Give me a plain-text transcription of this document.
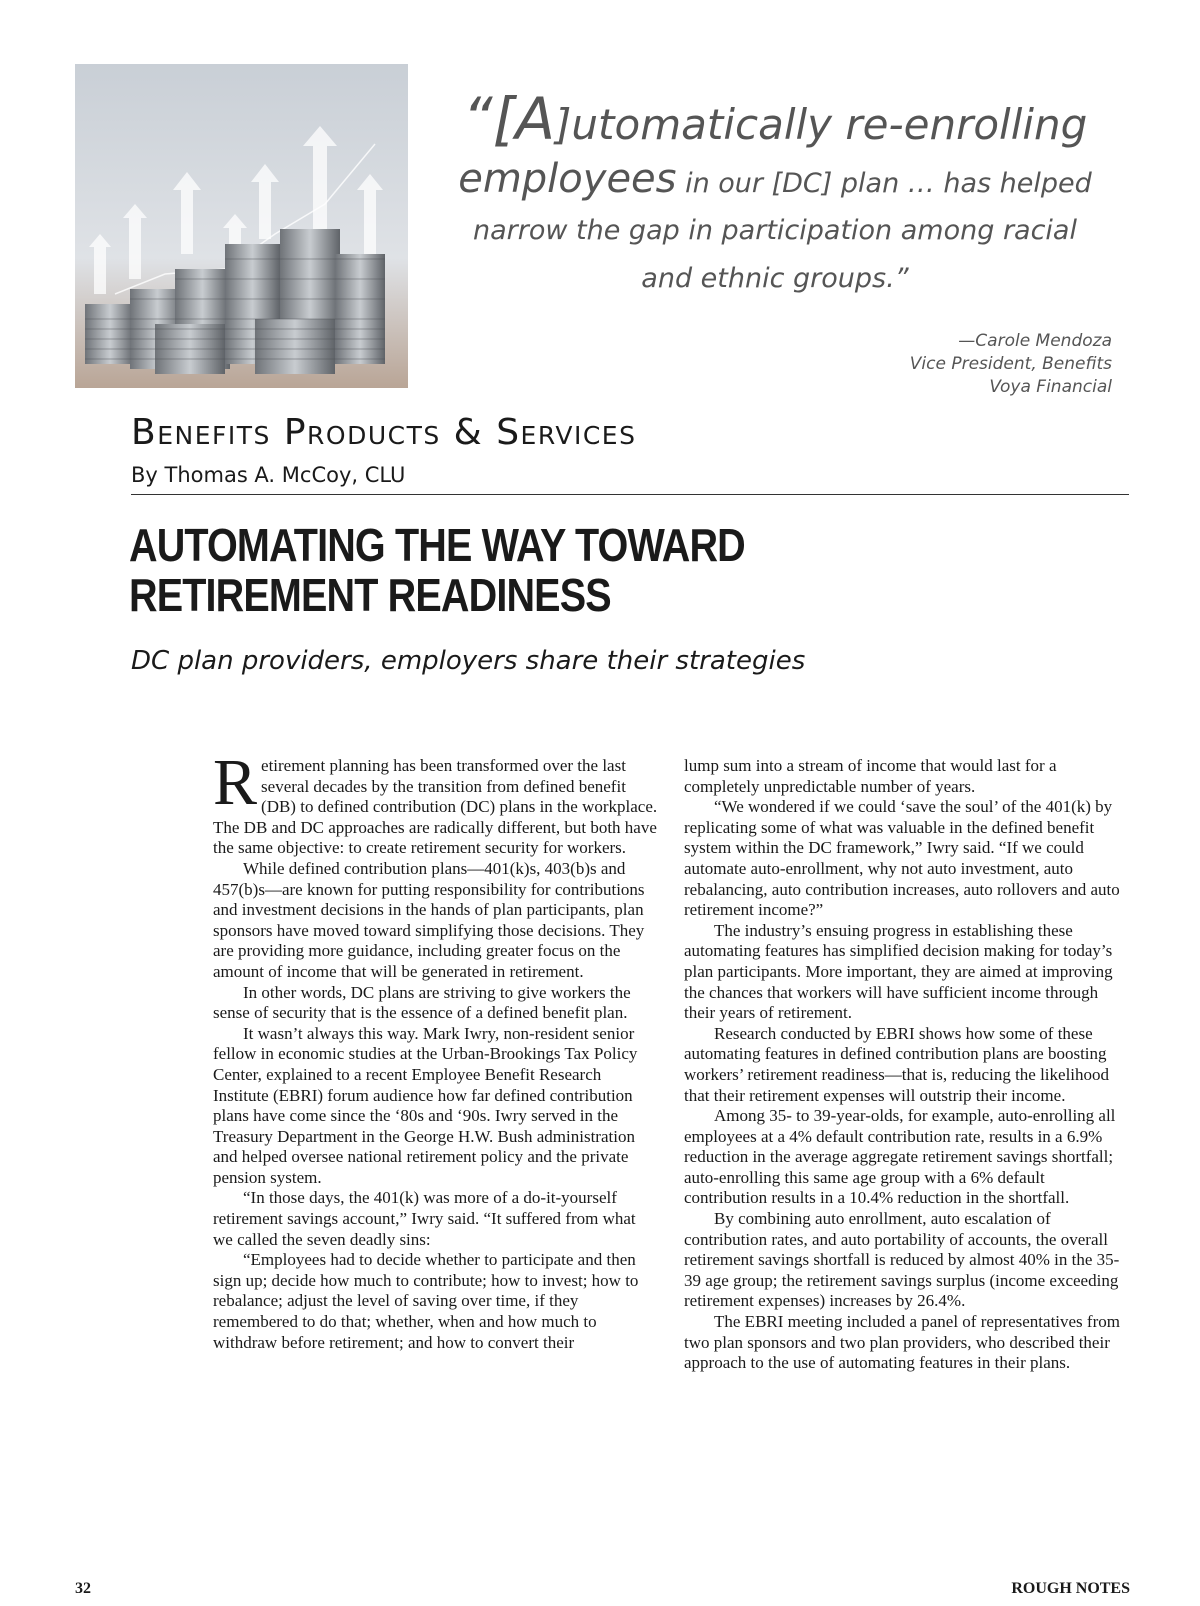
“[A]utomatically re-enrolling
employees in our [DC] plan … has helped
narrow the gap in participation among racial
and ethnic groups.”
—Carole Mendoza
Vice President, Benefits
Voya Financial
Benefits Products & Services
By Thomas A. McCoy, CLU
AUTOMATING THE WAY TOWARD
RETIREMENT READINESS
DC plan providers, employers share their strategies

Retirement planning has been transformed over the last several decades by the transition from defined benefit (DB) to defined contribution (DC) plans in the workplace. The DB and DC approaches are radically different, but both have the same objective: to create retirement security for workers.

While defined contribution plans—401(k)s, 403(b)s and 457(b)s—are known for putting responsibility for contributions and investment decisions in the hands of plan participants, plan sponsors have moved toward simplifying those decisions. They are providing more guidance, including greater focus on the amount of income that will be generated in retirement.

In other words, DC plans are striving to give workers the sense of security that is the essence of a defined benefit plan.

It wasn’t always this way. Mark Iwry, non-resident senior fellow in economic studies at the Urban-Brookings Tax Policy Center, explained to a recent Employee Benefit Research Institute (EBRI) forum audience how far defined contribution plans have come since the ‘80s and ‘90s. Iwry served in the Treasury Department in the George H.W. Bush administration and helped oversee national retirement policy and the private pension system.

“In those days, the 401(k) was more of a do-it-yourself retirement savings account,” Iwry said. “It suffered from what we called the seven deadly sins:

“Employees had to decide whether to participate and then sign up; decide how much to contribute; how to invest; how to rebalance; adjust the level of saving over time, if they remembered to do that; whether, when and how much to withdraw before retirement; and how to convert their

lump sum into a stream of income that would last for a completely unpredictable number of years.

“We wondered if we could ‘save the soul’ of the 401(k) by replicating some of what was valuable in the defined benefit system within the DC framework,” Iwry said. “If we could automate auto-enrollment, why not auto investment, auto rebalancing, auto contribution increases, auto rollovers and auto retirement income?”

The industry’s ensuing progress in establishing these automating features has simplified decision making for today’s plan participants. More important, they are aimed at improving the chances that workers will have sufficient income through their years of retirement.

Research conducted by EBRI shows how some of these automating features in defined contribution plans are boosting workers’ retirement readiness—that is, reducing the likelihood that their retirement expenses will outstrip their income.

Among 35- to 39-year-olds, for example, auto-enrolling all employees at a 4% default contribution rate, results in a 6.9% reduction in the average aggregate retirement savings shortfall; auto-enrolling this same age group with a 6% default contribution results in a 10.4% reduction in the shortfall.

By combining auto enrollment, auto escalation of contribution rates, and auto portability of accounts, the overall retirement savings shortfall is reduced by almost 40% in the 35-39 age group; the retirement savings surplus (income exceeding retirement expenses) increases by 26.4%.

The EBRI meeting included a panel of representatives from two plan sponsors and two plan providers, who described their approach to the use of automating features in their plans.

32	ROUGH NOTES
